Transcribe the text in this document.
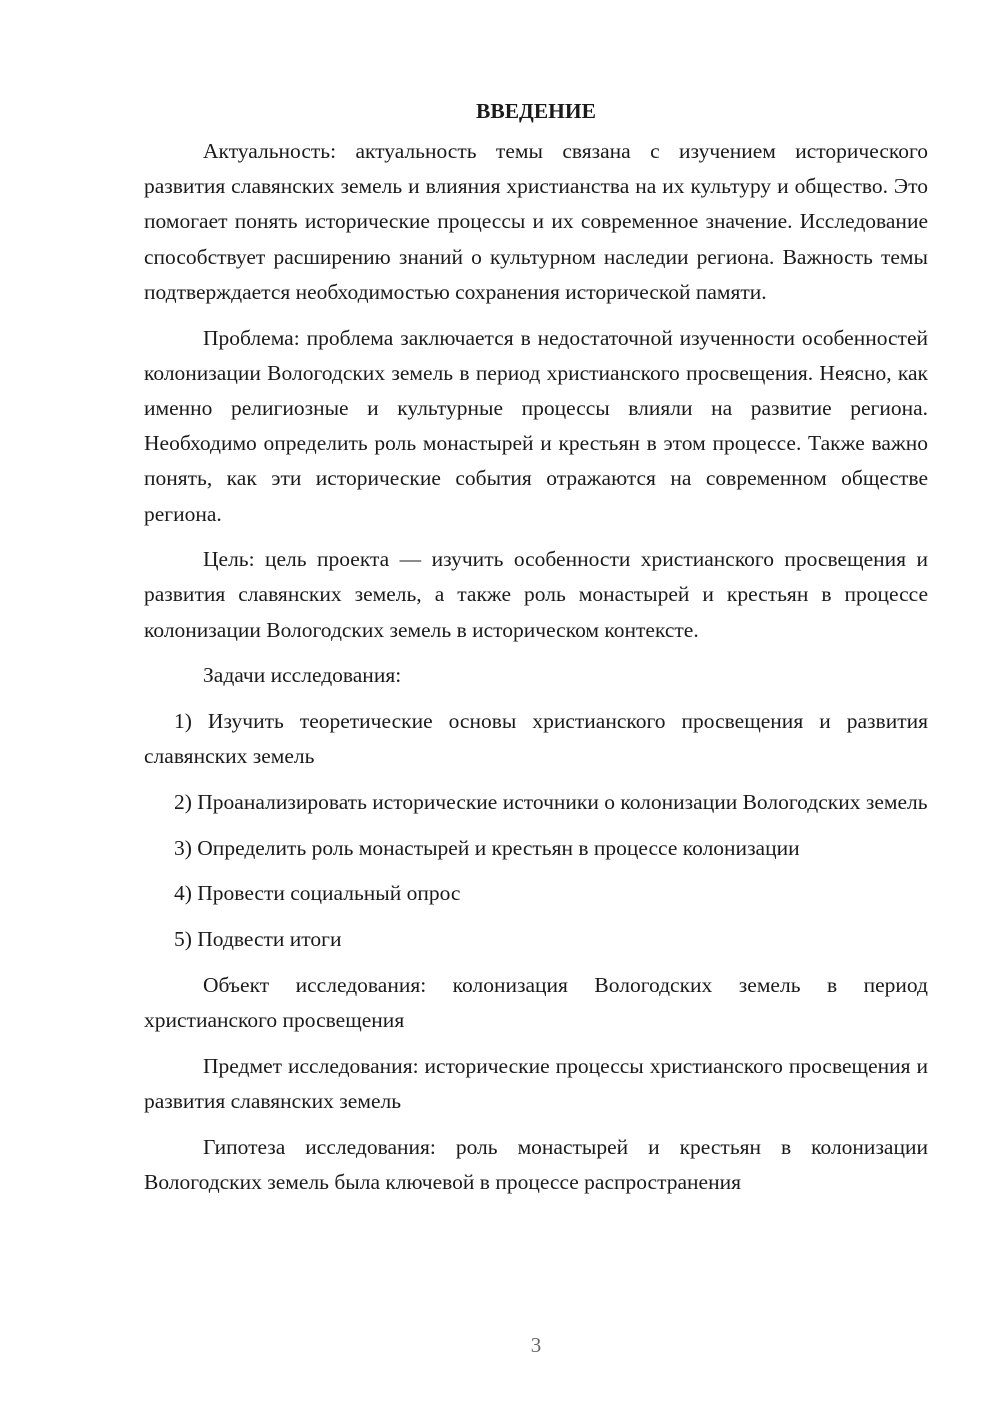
ВВЕДЕНИЕ

Актуальность: актуальность темы связана с изучением исторического развития славянских земель и влияния христианства на их культуру и общество. Это помогает понять исторические процессы и их современное значение. Исследование способствует расширению знаний о культурном наследии региона. Важность темы подтверждается необходимостью сохранения исторической памяти.

Проблема: проблема заключается в недостаточной изученности особенностей колонизации Вологодских земель в период христианского просвещения. Неясно, как именно религиозные и культурные процессы влияли на развитие региона. Необходимо определить роль монастырей и крестьян в этом процессе. Также важно понять, как эти исторические события отражаются на современном обществе региона.

Цель: цель проекта — изучить особенности христианского просвещения и развития славянских земель, а также роль монастырей и крестьян в процессе колонизации Вологодских земель в историческом контексте.

Задачи исследования:

1) Изучить теоретические основы христианского просвещения и развития славянских земель

2) Проанализировать исторические источники о колонизации Вологодских земель

3) Определить роль монастырей и крестьян в процессе колонизации

4) Провести социальный опрос

5) Подвести итоги

Объект исследования: колонизация Вологодских земель в период христианского просвещения

Предмет исследования: исторические процессы христианского просвещения и развития славянских земель

Гипотеза исследования: роль монастырей и крестьян в колонизации Вологодских земель была ключевой в процессе распространения

3
